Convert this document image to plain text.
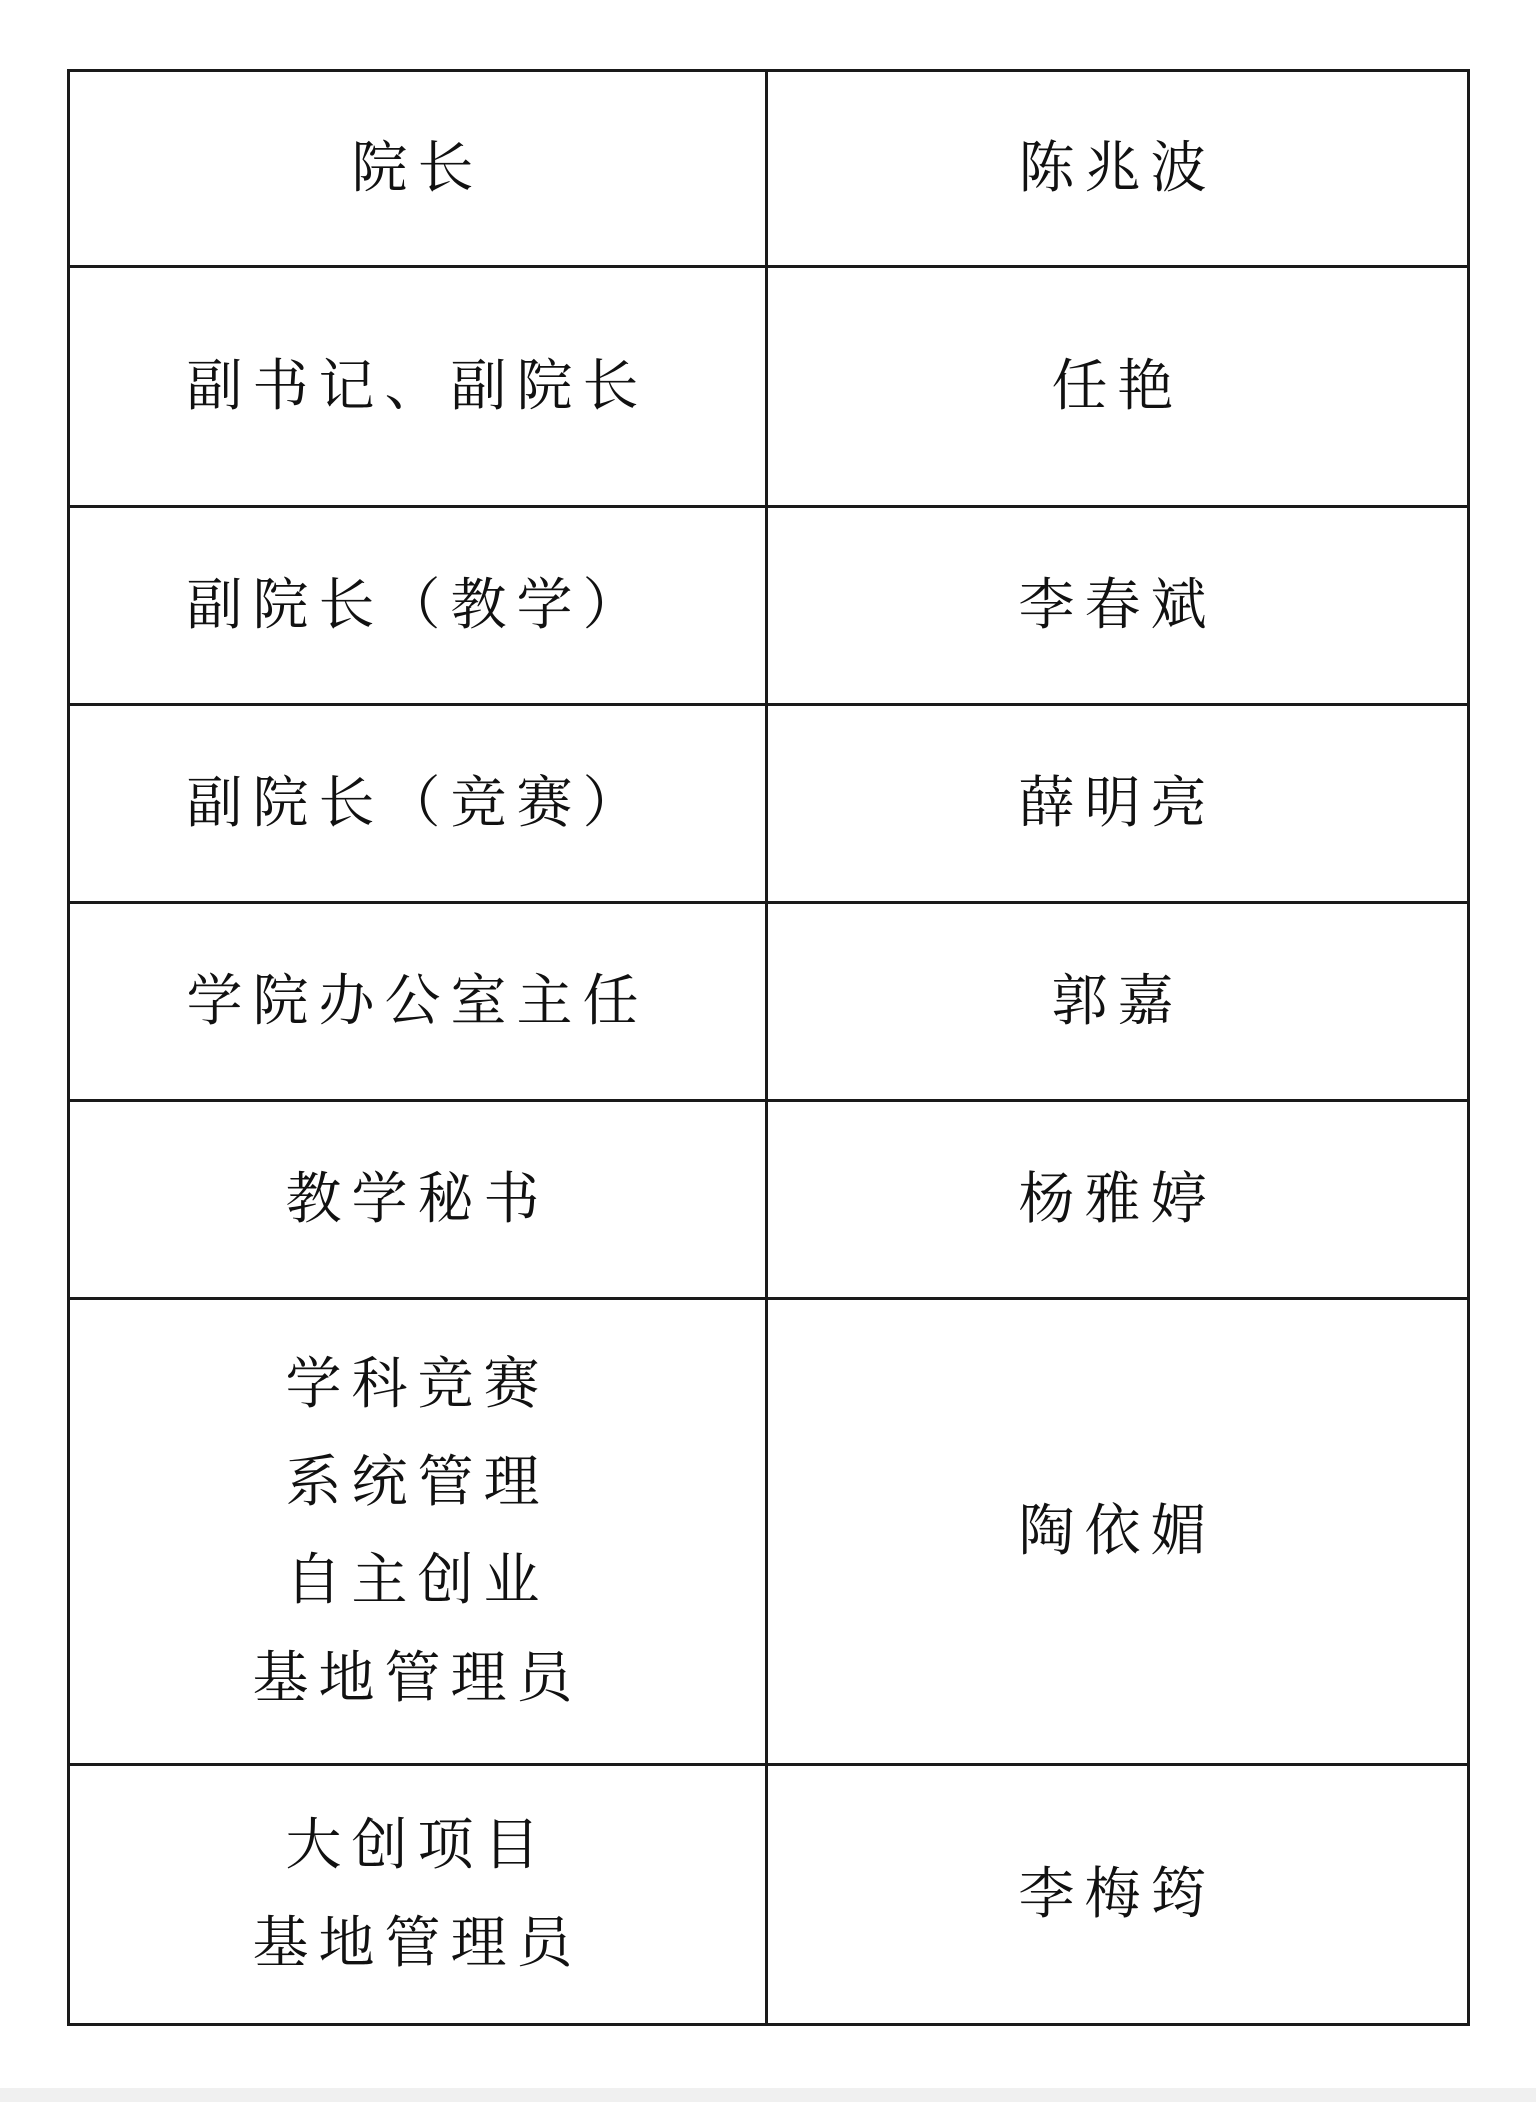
院长	陈兆波

副书记、副院长	任艳

副院长（教学）	李春斌

副院长（竞赛）	薛明亮

学院办公室主任	郭嘉

教学秘书	杨雅婷

学科竞赛
系统管理
自主创业
基地管理员	陶依媚

大创项目
基地管理员	李梅筠
